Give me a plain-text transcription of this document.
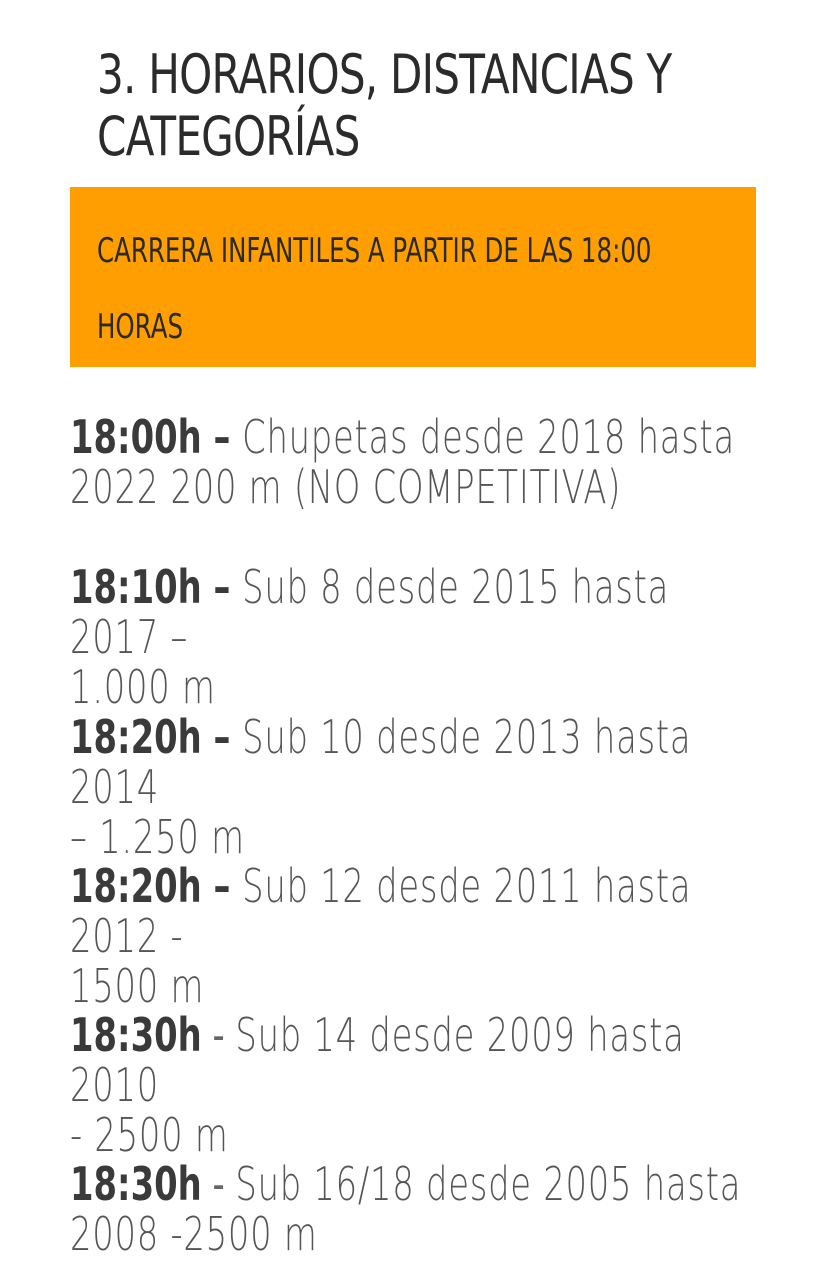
3. HORARIOS, DISTANCIAS Y
CATEGORÍAS
CARRERA INFANTILES A PARTIR DE LAS 18:00
HORAS
18:00h – Chupetas desde 2018 hasta
2022 200 m (NO COMPETITIVA)
18:10h – Sub 8 desde 2015 hasta 2017 –
1.000 m
18:20h – Sub 10 desde 2013 hasta 2014
– 1.250 m
18:20h – Sub 12 desde 2011 hasta 2012 -
1500 m
18:30h - Sub 14 desde 2009 hasta 2010
- 2500 m
18:30h - Sub 16/18 desde 2005 hasta
2008 -2500 m
